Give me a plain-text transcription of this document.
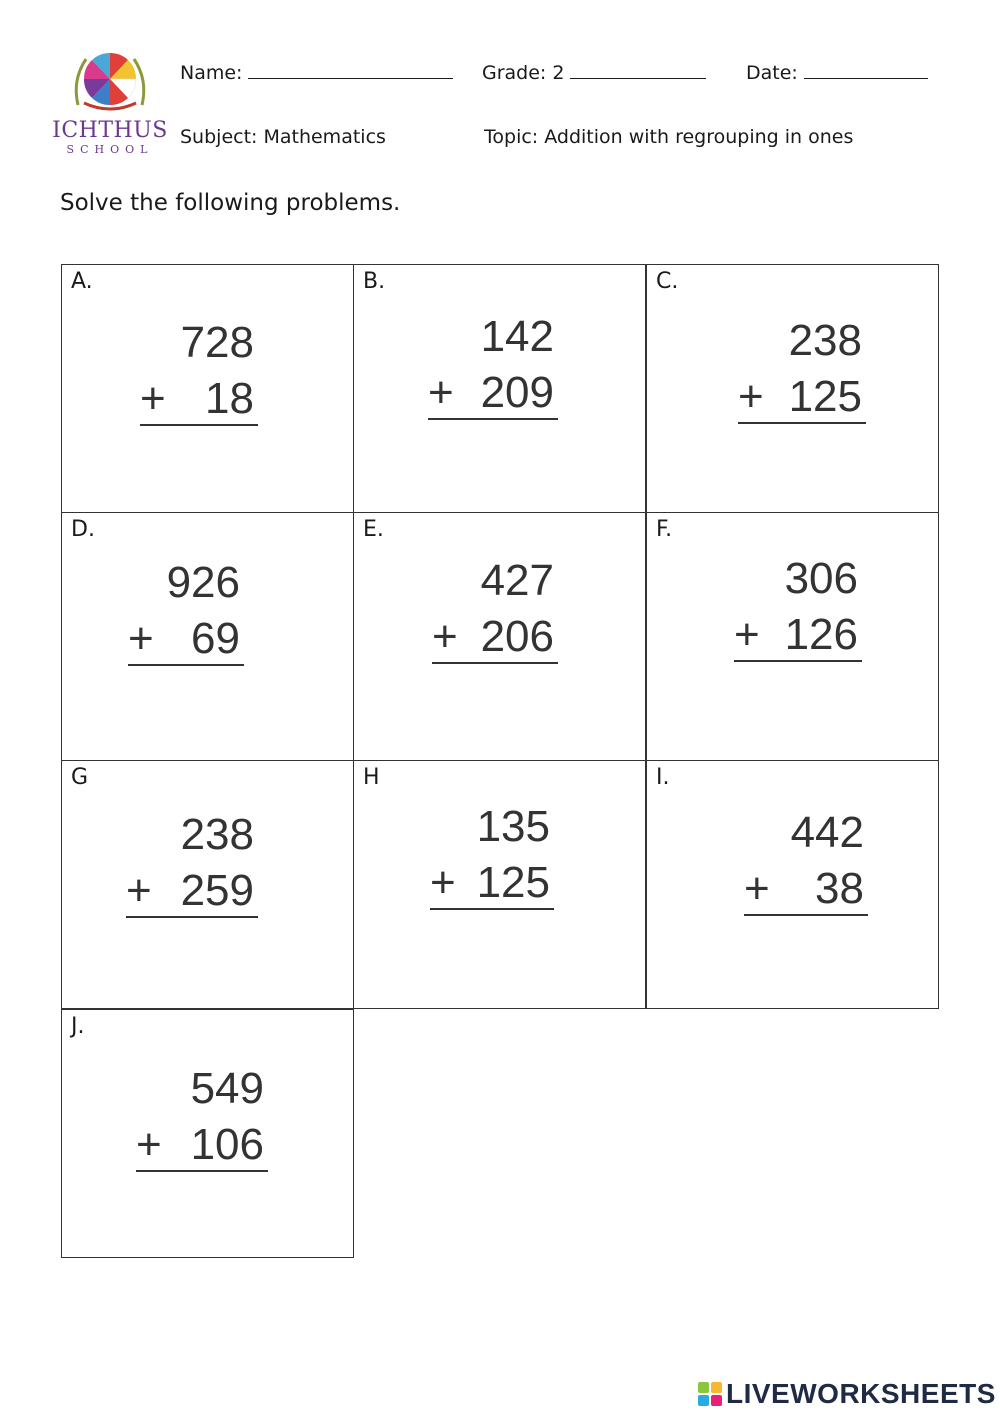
ICHTHUS
SCHOOL
Name:	Grade: 2	Date:
Subject: Mathematics	Topic: Addition with regrouping in ones
Solve the following problems.
A.
728
+ 18
B.
142
+ 209
C.
238
+ 125
D.
926
+ 69
E.
427
+ 206
F.
306
+ 126
G
238
+ 259
H
135
+ 125
I.
442
+ 38
J.
549
+ 106
LIVEWORKSHEETS
